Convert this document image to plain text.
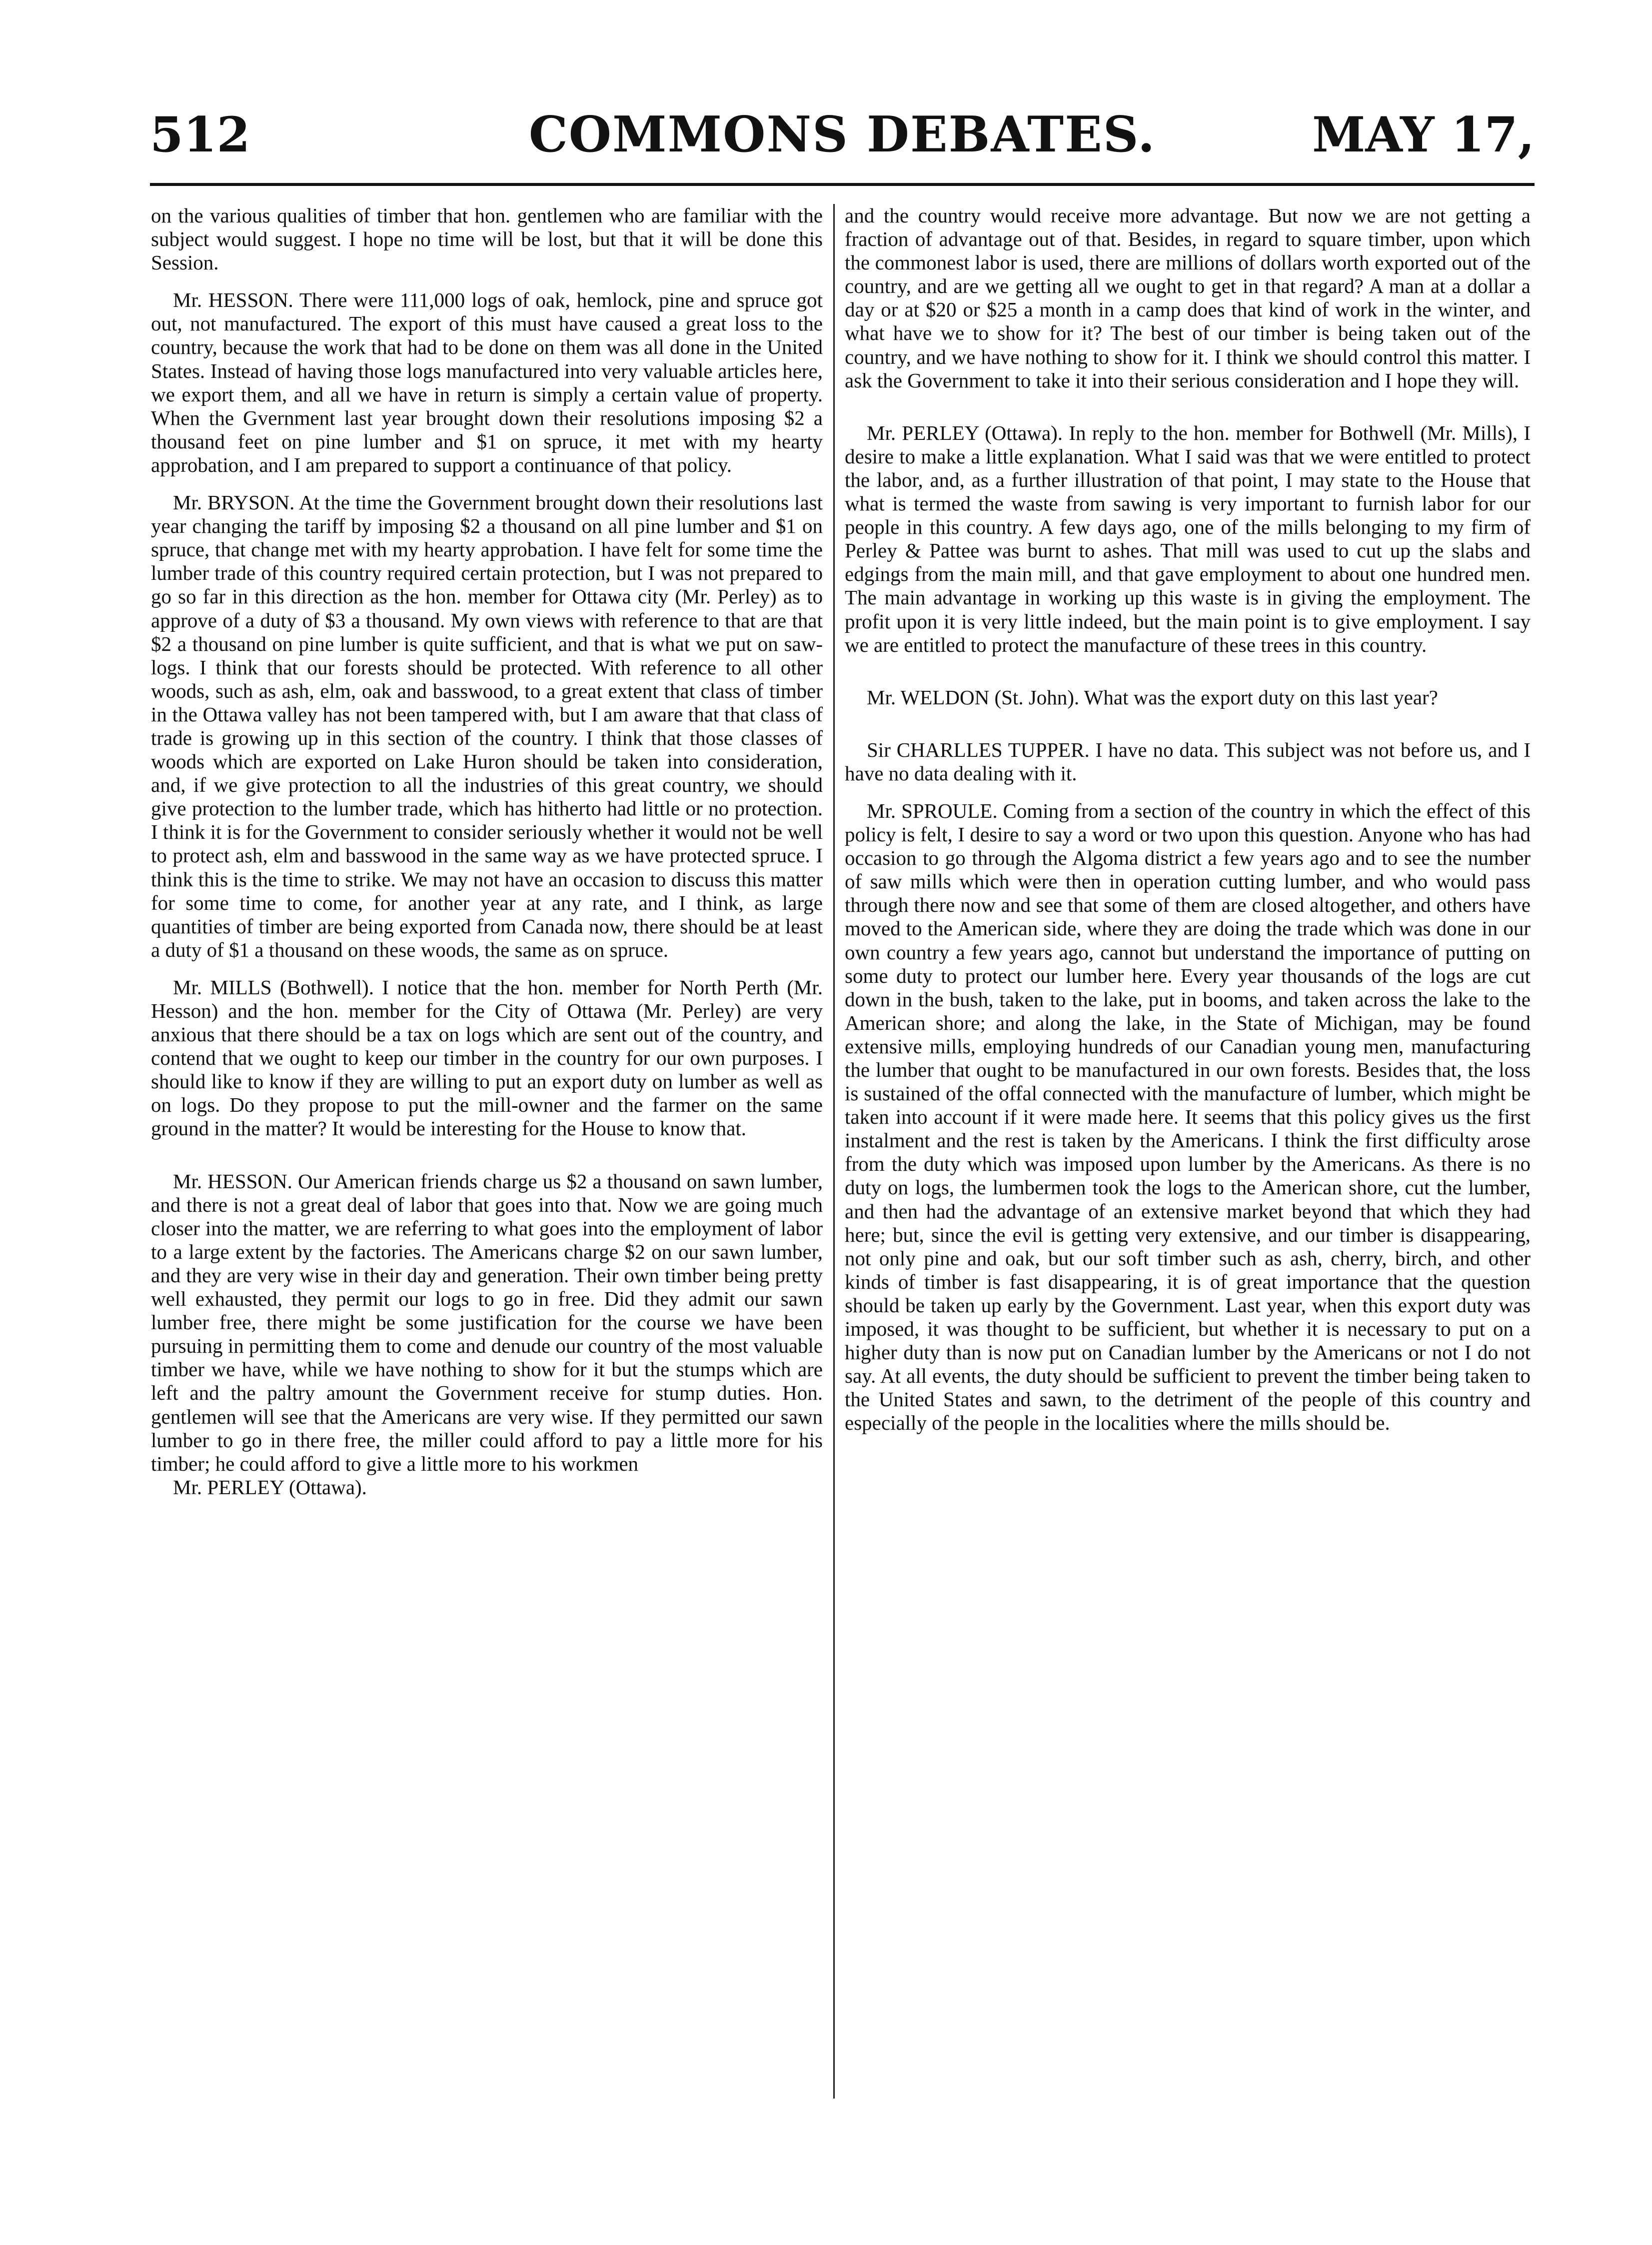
512	COMMONS DEBATES.	MAY 17,

on the various qualities of timber that hon. gentlemen who are familiar with the subject would suggest. I hope no time will be lost, but that it will be done this Session.

Mr. HESSON. There were 111,000 logs of oak, hemlock, pine and spruce got out, not manufactured. The export of this must have caused a great loss to the country, because the work that had to be done on them was all done in the United States. Instead of having those logs manufactured into very valuable articles here, we export them, and all we have in return is simply a certain value of property. When the Gvernment last year brought down their resolutions imposing $2 a thousand feet on pine lumber and $1 on spruce, it met with my hearty approbation, and I am prepared to support a continuance of that policy.

Mr. BRYSON. At the time the Government brought down their resolutions last year changing the tariff by imposing $2 a thousand on all pine lumber and $1 on spruce, that change met with my hearty approbation. I have felt for some time the lumber trade of this country required certain protection, but I was not prepared to go so far in this direction as the hon. member for Ottawa city (Mr. Perley) as to approve of a duty of $3 a thousand. My own views with reference to that are that $2 a thousand on pine lumber is quite sufficient, and that is what we put on saw-logs. I think that our forests should be protected. With reference to all other woods, such as ash, elm, oak and basswood, to a great extent that class of timber in the Ottawa valley has not been tampered with, but I am aware that that class of trade is growing up in this section of the country. I think that those classes of woods which are exported on Lake Huron should be taken into consideration, and, if we give protection to all the industries of this great country, we should give protection to the lumber trade, which has hitherto had little or no protection. I think it is for the Government to consider seriously whether it would not be well to protect ash, elm and basswood in the same way as we have protected spruce. I think this is the time to strike. We may not have an occasion to discuss this matter for some time to come, for another year at any rate, and I think, as large quantities of timber are being exported from Canada now, there should be at least a duty of $1 a thousand on these woods, the same as on spruce.

Mr. MILLS (Bothwell). I notice that the hon. member for North Perth (Mr. Hesson) and the hon. member for the City of Ottawa (Mr. Perley) are very anxious that there should be a tax on logs which are sent out of the country, and contend that we ought to keep our timber in the country for our own purposes. I should like to know if they are willing to put an export duty on lumber as well as on logs. Do they propose to put the mill-owner and the farmer on the same ground in the matter? It would be interesting for the House to know that.

Mr. HESSON. Our American friends charge us $2 a thousand on sawn lumber, and there is not a great deal of labor that goes into that. Now we are going much closer into the matter, we are referring to what goes into the employment of labor to a large extent by the factories. The Americans charge $2 on our sawn lumber, and they are very wise in their day and generation. Their own timber being pretty well exhausted, they permit our logs to go in free. Did they admit our sawn lumber free, there might be some justification for the course we have been pursuing in permitting them to come and denude our country of the most valuable timber we have, while we have nothing to show for it but the stumps which are left and the paltry amount the Government receive for stump duties. Hon. gentlemen will see that the Americans are very wise. If they permitted our sawn lumber to go in there free, the miller could afford to pay a little more for his timber; he could afford to give a little more to his workmen

Mr. PERLEY (Ottawa).

and the country would receive more advantage. But now we are not getting a fraction of advantage out of that. Besides, in regard to square timber, upon which the commonest labor is used, there are millions of dollars worth exported out of the country, and are we getting all we ought to get in that regard? A man at a dollar a day or at $20 or $25 a month in a camp does that kind of work in the winter, and what have we to show for it? The best of our timber is being taken out of the country, and we have nothing to show for it. I think we should control this matter. I ask the Government to take it into their serious consideration and I hope they will.

Mr. PERLEY (Ottawa). In reply to the hon. member for Bothwell (Mr. Mills), I desire to make a little explanation. What I said was that we were entitled to protect the labor, and, as a further illustration of that point, I may state to the House that what is termed the waste from sawing is very important to furnish labor for our people in this country. A few days ago, one of the mills belonging to my firm of Perley & Pattee was burnt to ashes. That mill was used to cut up the slabs and edgings from the main mill, and that gave employment to about one hundred men. The main advantage in working up this waste is in giving the employment. The profit upon it is very little indeed, but the main point is to give employment. I say we are entitled to protect the manufacture of these trees in this country.

Mr. WELDON (St. John). What was the export duty on this last year?

Sir CHARLLES TUPPER. I have no data. This subject was not before us, and I have no data dealing with it.

Mr. SPROULE. Coming from a section of the country in which the effect of this policy is felt, I desire to say a word or two upon this question. Anyone who has had occasion to go through the Algoma district a few years ago and to see the number of saw mills which were then in operation cutting lumber, and who would pass through there now and see that some of them are closed altogether, and others have moved to the American side, where they are doing the trade which was done in our own country a few years ago, cannot but understand the importance of putting on some duty to protect our lumber here. Every year thousands of the logs are cut down in the bush, taken to the lake, put in booms, and taken across the lake to the American shore; and along the lake, in the State of Michigan, may be found extensive mills, employing hundreds of our Canadian young men, manufacturing the lumber that ought to be manufactured in our own forests. Besides that, the loss is sustained of the offal connected with the manufacture of lumber, which might be taken into account if it were made here. It seems that this policy gives us the first instalment and the rest is taken by the Americans. I think the first difficulty arose from the duty which was imposed upon lumber by the Americans. As there is no duty on logs, the lumbermen took the logs to the American shore, cut the lumber, and then had the advantage of an extensive market beyond that which they had here; but, since the evil is getting very extensive, and our timber is disappearing, not only pine and oak, but our soft timber such as ash, cherry, birch, and other kinds of timber is fast disappearing, it is of great importance that the question should be taken up early by the Government. Last year, when this export duty was imposed, it was thought to be sufficient, but whether it is necessary to put on a higher duty than is now put on Canadian lumber by the Americans or not I do not say. At all events, the duty should be sufficient to prevent the timber being taken to the United States and sawn, to the detriment of the people of this country and especially of the people in the localities where the mills should be.
